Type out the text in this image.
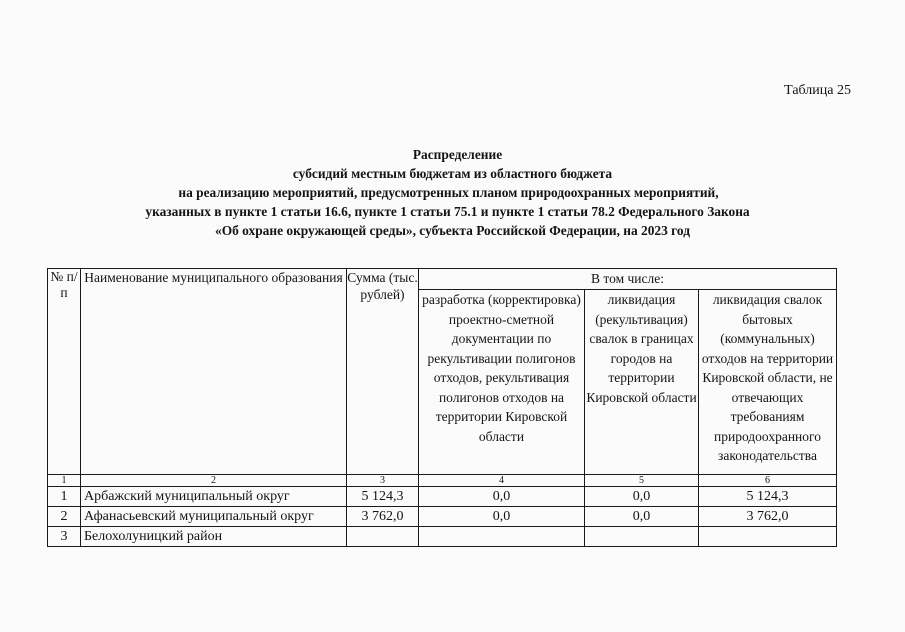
Таблица 25
Распределение
субсидий местным бюджетам из областного бюджета
на реализацию мероприятий, предусмотренных планом природоохранных мероприятий,
указанных в пункте 1 статьи 16.6, пункте 1 статьи 75.1 и пункте 1 статьи 78.2 Федерального Закона
«Об охране окружающей среды», субъекта Российской Федерации, на 2023 год
№ п/п	Наименование муниципального образования	Сумма (тыс. рублей)	В том числе:		
			разработка (корректировка) проектно-сметной документации по рекультивации полигонов отходов, рекультивация полигонов отходов на территории Кировской области	ликвидация (рекультивация) свалок в границах городов на территории Кировской области	ликвидация свалок бытовых (коммунальных) отходов на территории Кировской области, не отвечающих требованиям природоохранного законодательства
1	2	3	4	5	6
1	Арбажский муниципальный округ	5 124,3	0,0	0,0	5 124,3
2	Афанасьевский муниципальный округ	3 762,0	0,0	0,0	3 762,0
3	Белохолуницкий район				
